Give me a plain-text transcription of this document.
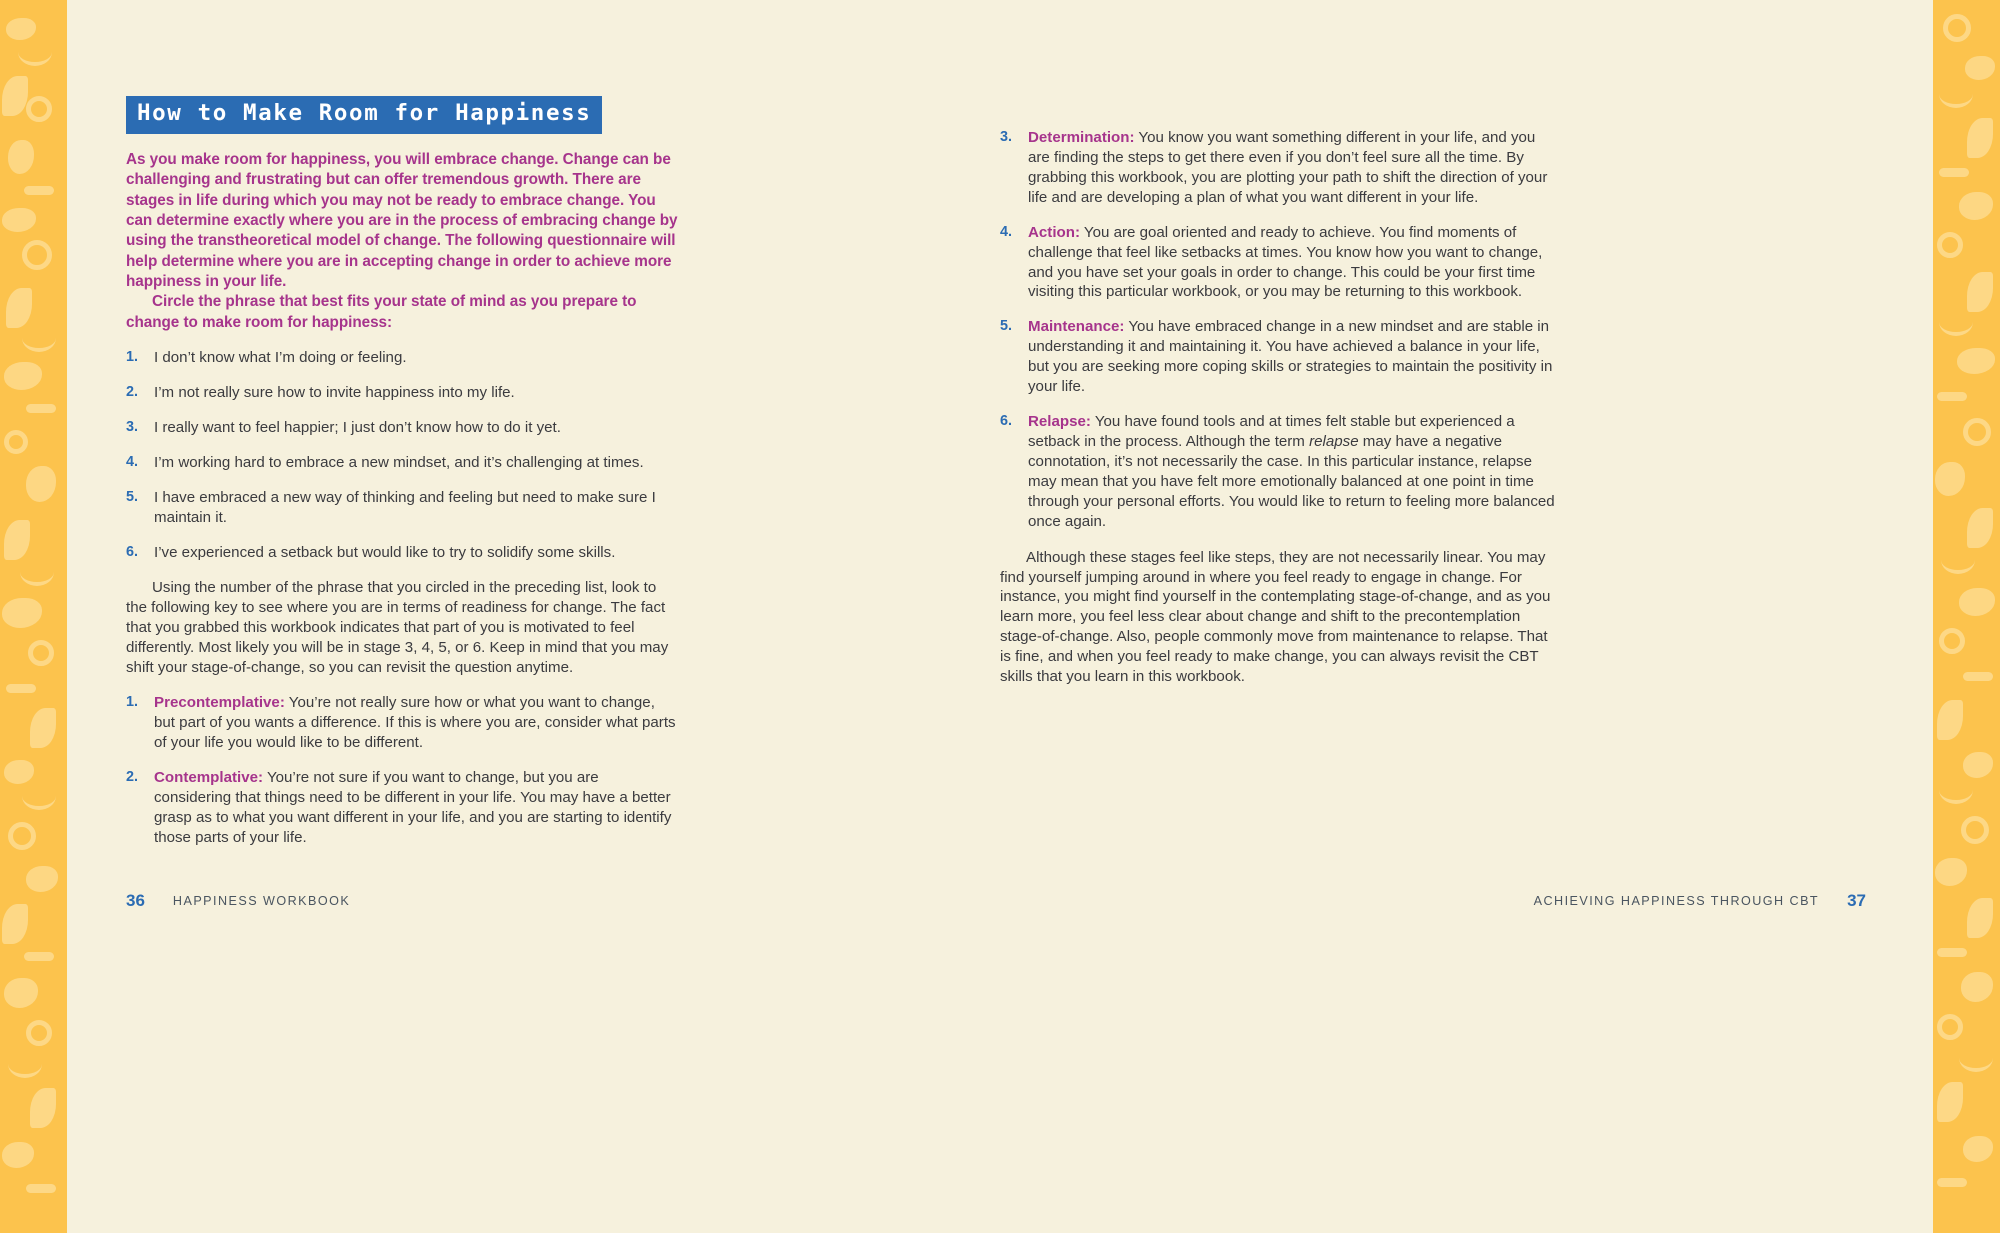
How to Make Room for Happiness

As you make room for happiness, you will embrace change. Change can be challenging and frustrating but can offer tremendous growth. There are stages in life during which you may not be ready to embrace change. You can determine exactly where you are in the process of embracing change by using the transtheoretical model of change. The following questionnaire will help determine where you are in accepting change in order to achieve more happiness in your life.
Circle the phrase that best fits your state of mind as you prepare to change to make room for happiness:

1. I don’t know what I’m doing or feeling.
2. I’m not really sure how to invite happiness into my life.
3. I really want to feel happier; I just don’t know how to do it yet.
4. I’m working hard to embrace a new mindset, and it’s challenging at times.
5. I have embraced a new way of thinking and feeling but need to make sure I maintain it.
6. I’ve experienced a setback but would like to try to solidify some skills.

Using the number of the phrase that you circled in the preceding list, look to the following key to see where you are in terms of readiness for change. The fact that you grabbed this workbook indicates that part of you is motivated to feel differently. Most likely you will be in stage 3, 4, 5, or 6. Keep in mind that you may shift your stage-of-change, so you can revisit the question anytime.

1. Precontemplative: You’re not really sure how or what you want to change, but part of you wants a difference. If this is where you are, consider what parts of your life you would like to be different.
2. Contemplative: You’re not sure if you want to change, but you are considering that things need to be different in your life. You may have a better grasp as to what you want different in your life, and you are starting to identify those parts of your life.
36 HAPPINESS WORKBOOK
3. Determination: You know you want something different in your life, and you are finding the steps to get there even if you don’t feel sure all the time. By grabbing this workbook, you are plotting your path to shift the direction of your life and are developing a plan of what you want different in your life.
4. Action: You are goal oriented and ready to achieve. You find moments of challenge that feel like setbacks at times. You know how you want to change, and you have set your goals in order to change. This could be your first time visiting this particular workbook, or you may be returning to this workbook.
5. Maintenance: You have embraced change in a new mindset and are stable in understanding it and maintaining it. You have achieved a balance in your life, but you are seeking more coping skills or strategies to maintain the positivity in your life.
6. Relapse: You have found tools and at times felt stable but experienced a setback in the process. Although the term relapse may have a negative connotation, it’s not necessarily the case. In this particular instance, relapse may mean that you have felt more emotionally balanced at one point in time through your personal efforts. You would like to return to feeling more balanced once again.

Although these stages feel like steps, they are not necessarily linear. You may find yourself jumping around in where you feel ready to engage in change. For instance, you might find yourself in the contemplating stage-of-change, and as you learn more, you feel less clear about change and shift to the precontemplation stage-of-change. Also, people commonly move from maintenance to relapse. That is fine, and when you feel ready to make change, you can always revisit the CBT skills that you learn in this workbook.

ACHIEVING HAPPINESS THROUGH CBT 37
